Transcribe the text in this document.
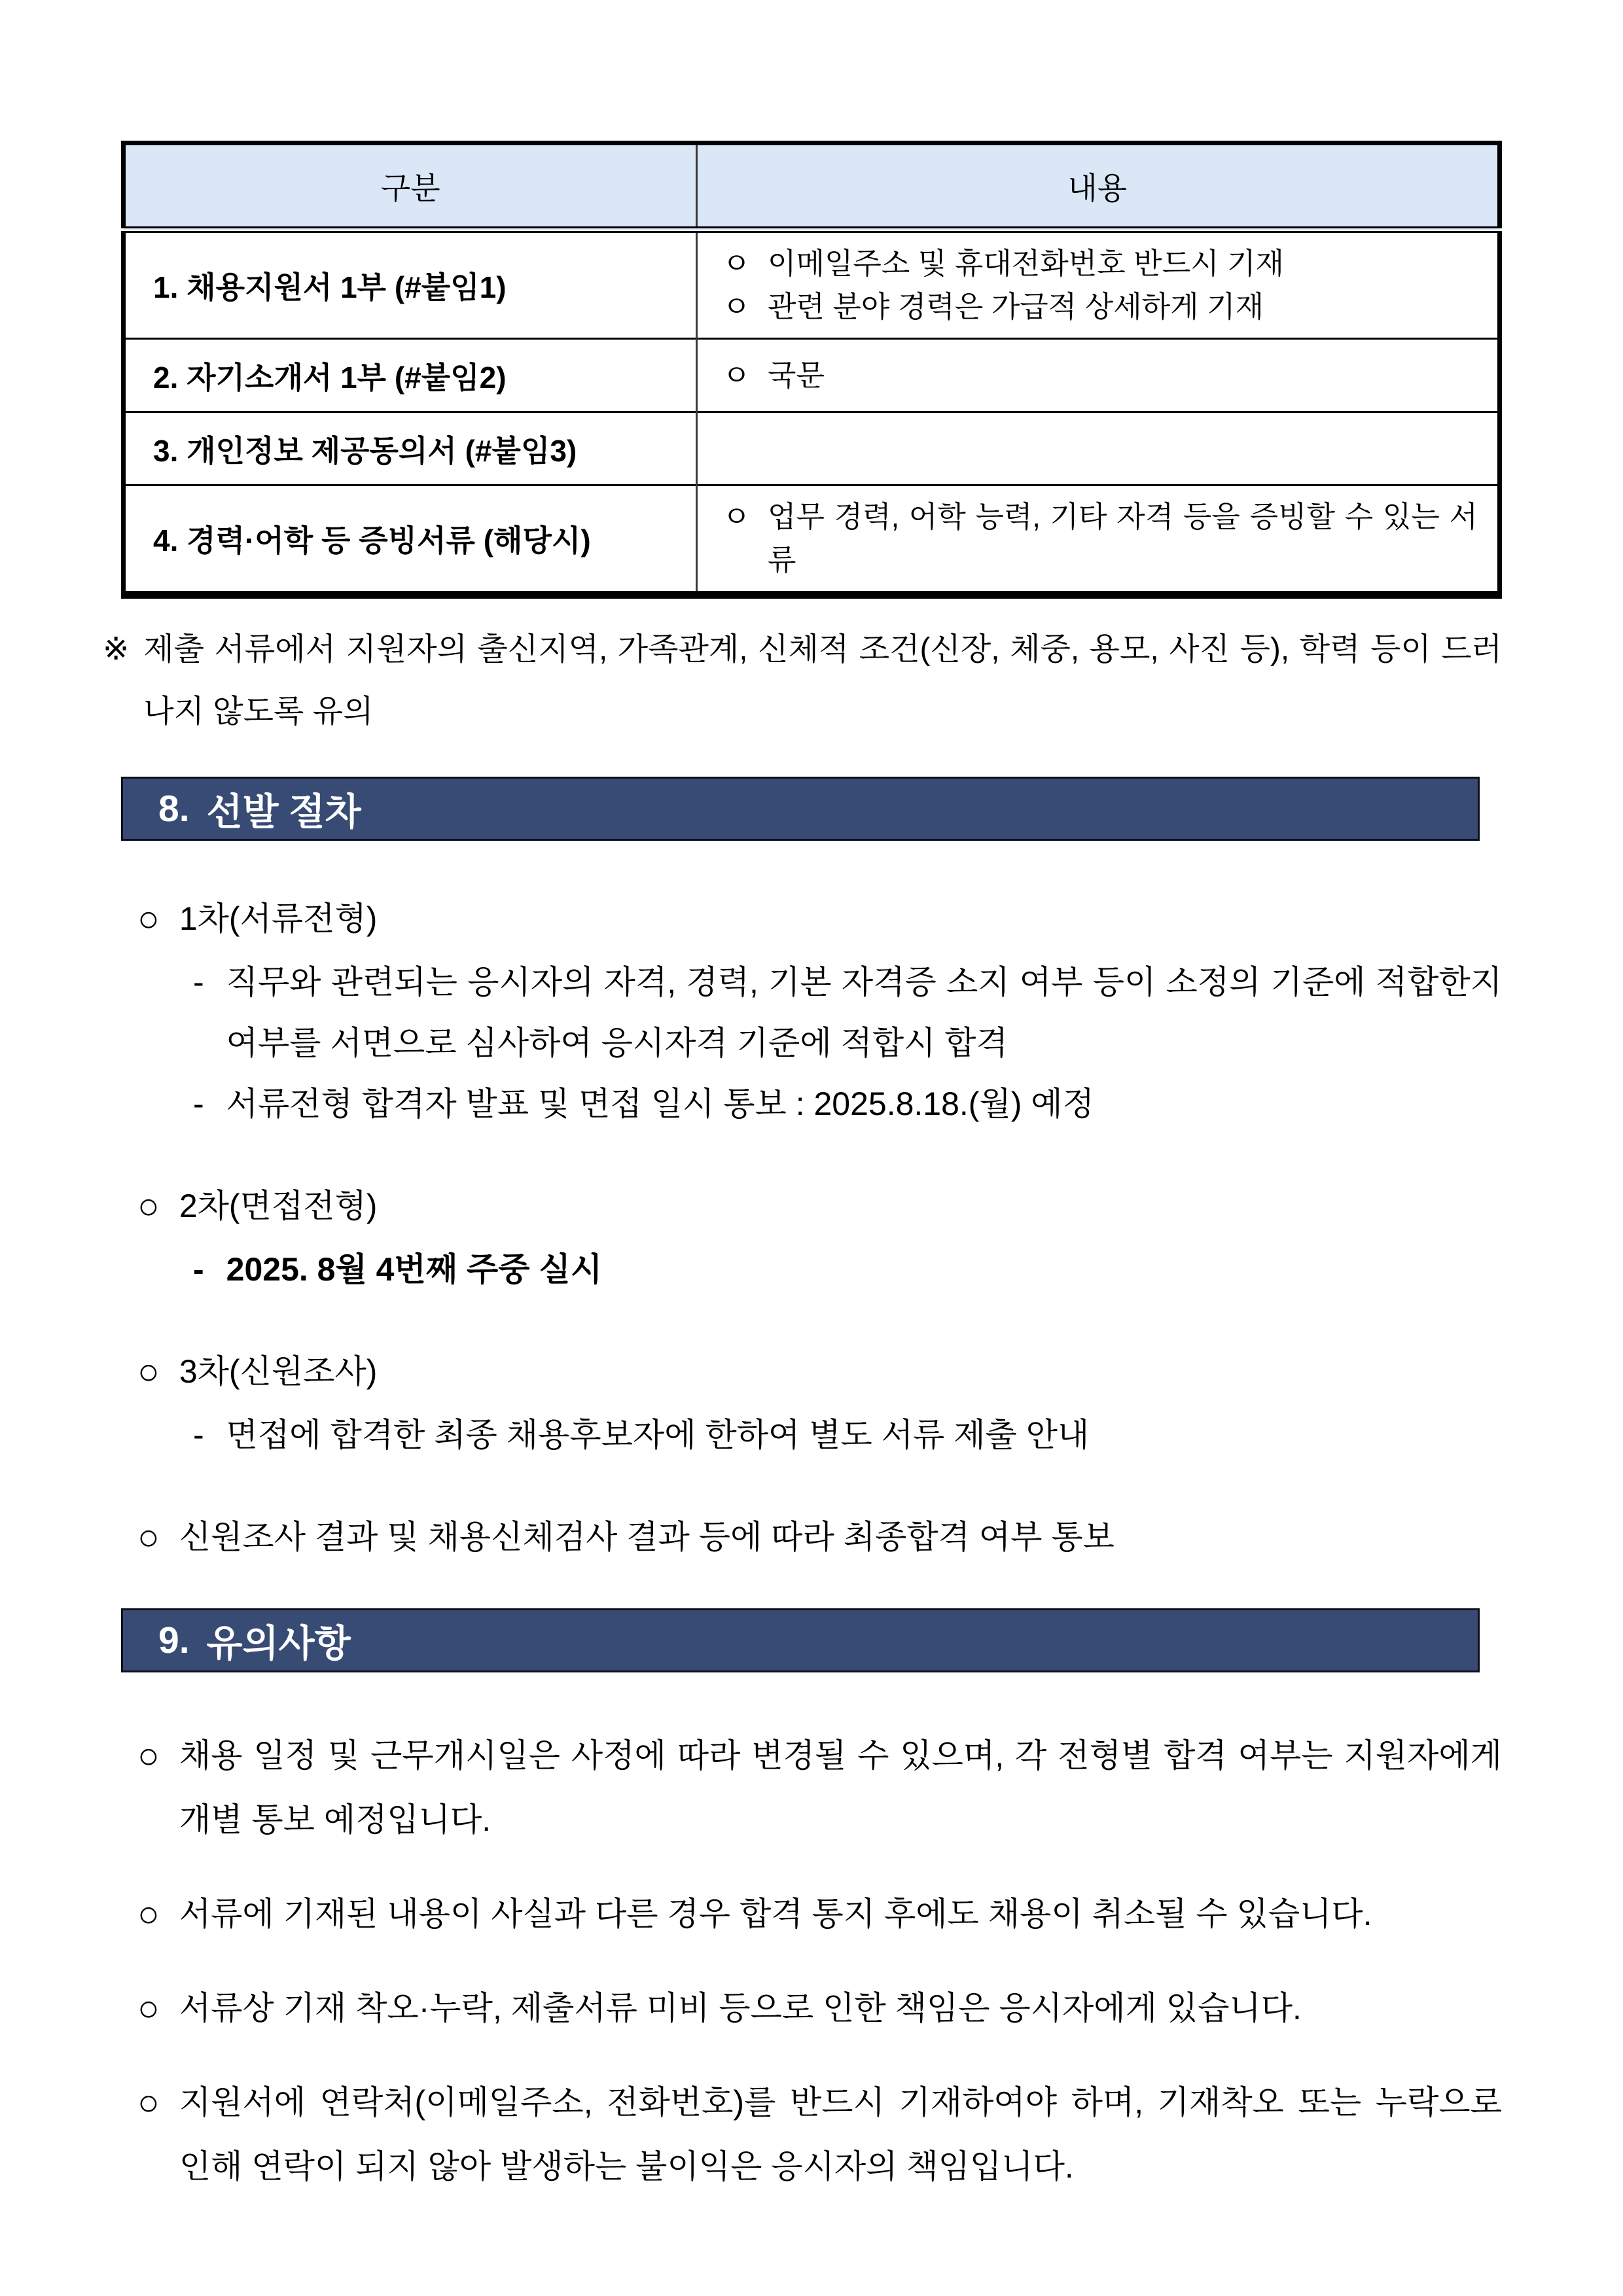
구분	내용
1. 채용지원서 1부 (#붙임1)	ㅇ 이메일주소 및 휴대전화번호 반드시 기재
ㅇ 관련 분야 경력은 가급적 상세하게 기재

2. 자기소개서 1부 (#붙임2)	ㅇ 국문

3. 개인정보 제공동의서 (#붙임3)	
4. 경력·어학 등 증빙서류 (해당시)	ㅇ 업무 경력, 어학 능력, 기타 자격 등을 증빙할 수 있는 서류
※ 제출 서류에서 지원자의 출신지역, 가족관계, 신체적 조건(신장, 체중, 용모, 사진 등), 학력 등이 드러나지 않도록 유의
8. 선발 절차
○ 1차(서류전형)
- 직무와 관련되는 응시자의 자격, 경력, 기본 자격증 소지 여부 등이 소정의 기준에 적합한지 여부를 서면으로 심사하여 응시자격 기준에 적합시 합격
- 서류전형 합격자 발표 및 면접 일시 통보 : 2025.8.18.(월) 예정
○ 2차(면접전형)
- 2025. 8월 4번째 주중 실시
○ 3차(신원조사)
- 면접에 합격한 최종 채용후보자에 한하여 별도 서류 제출 안내
○ 신원조사 결과 및 채용신체검사 결과 등에 따라 최종합격 여부 통보
9. 유의사항
○ 채용 일정 및 근무개시일은 사정에 따라 변경될 수 있으며, 각 전형별 합격 여부는 지원자에게 개별 통보 예정입니다.
○ 서류에 기재된 내용이 사실과 다른 경우 합격 통지 후에도 채용이 취소될 수 있습니다.
○ 서류상 기재 착오·누락, 제출서류 미비 등으로 인한 책임은 응시자에게 있습니다.
○ 지원서에 연락처(이메일주소, 전화번호)를 반드시 기재하여야 하며, 기재착오 또는 누락으로 인해 연락이 되지 않아 발생하는 불이익은 응시자의 책임입니다.
